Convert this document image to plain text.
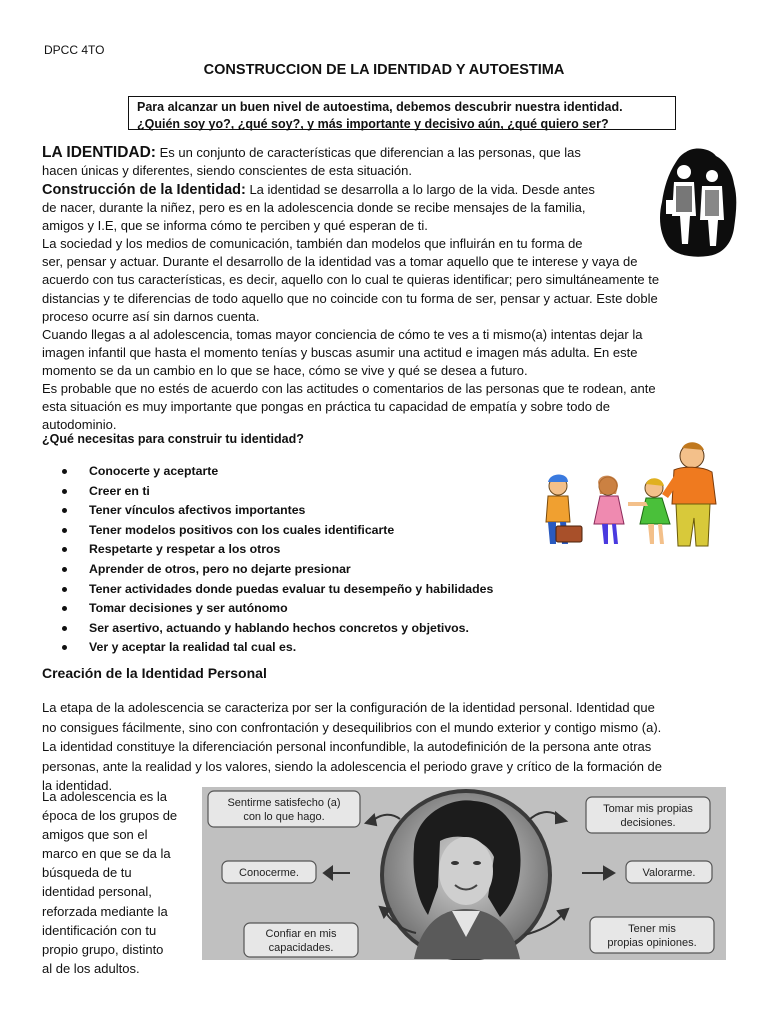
DPCC 4TO
CONSTRUCCION DE LA IDENTIDAD Y AUTOESTIMA
Para alcanzar un buen nivel de autoestima, debemos descubrir nuestra identidad. ¿Quién soy yo?, ¿qué soy?, y más importante y decisivo aún, ¿qué quiero ser?

LA IDENTIDAD: Es un conjunto de características que diferencian a las personas, que las

hacen únicas y diferentes, siendo conscientes de esta situación.

Construcción de la Identidad: La identidad se desarrolla a lo largo de la vida. Desde antes

de nacer, durante la niñez, pero es en la adolescencia donde se recibe mensajes de la familia,

amigos y I.E, que se informa cómo te perciben y qué esperan de ti.

La sociedad y los medios de comunicación, también dan modelos que influirán en tu forma de

ser, pensar y actuar. Durante el desarrollo de la identidad vas a tomar aquello que te interese y vaya de

acuerdo con tus características, es decir, aquello con lo cual te quieras identificar; pero simultáneamente te

distancias y te diferencias de todo aquello que no coincide con tu forma de ser, pensar y actuar. Este doble

proceso ocurre así sin darnos cuenta.

Cuando llegas a al adolescencia, tomas mayor conciencia de cómo te ves a ti mismo(a) intentas dejar la

imagen infantil que hasta el momento tenías y buscas asumir una actitud e imagen más adulta. En este

momento se da un cambio en lo que se hace, cómo se vive y qué se desea a futuro.

Es probable que no estés de acuerdo con las actitudes o comentarios de las personas que te rodean, ante

esta situación es muy importante que pongas en práctica tu capacidad de empatía y sobre todo de

autodominio.

¿Qué necesitas para construir tu identidad?
Conocerte y aceptarte
Creer en ti
Tener vínculos afectivos importantes
Tener modelos positivos con los cuales identificarte
Respetarte y respetar a los otros
Aprender de otros, pero no dejarte presionar
Tener actividades donde puedas evaluar tu desempeño y habilidades
Tomar decisiones y ser autónomo
Ser asertivo, actuando y hablando hechos concretos y objetivos.
Ver y aceptar la realidad tal cual es.
Creación de la Identidad Personal
La etapa de la adolescencia se caracteriza por ser la configuración de la identidad personal. Identidad que
no consigues fácilmente, sino con confrontación y desequilibrios con el mundo exterior y contigo mismo (a).
La identidad constituye la diferenciación personal inconfundible, la autodefinición de la persona ante otras
personas, ante la realidad y los valores, siendo la adolescencia el periodo grave y crítico de la formación de
la identidad.
La adolescencia es la
época de los grupos de
amigos que son el
marco en que se da la
búsqueda de tu
identidad personal,
reforzada mediante la
identificación con tu
propio grupo, distinto
al de los adultos.
Sentirme satisfecho (a)
con lo que hago.
Tomar mis propias
decisiones.
Conocerme.	Valorarme.
Confiar en mis
capacidades.
Tener mis
propias opiniones.
